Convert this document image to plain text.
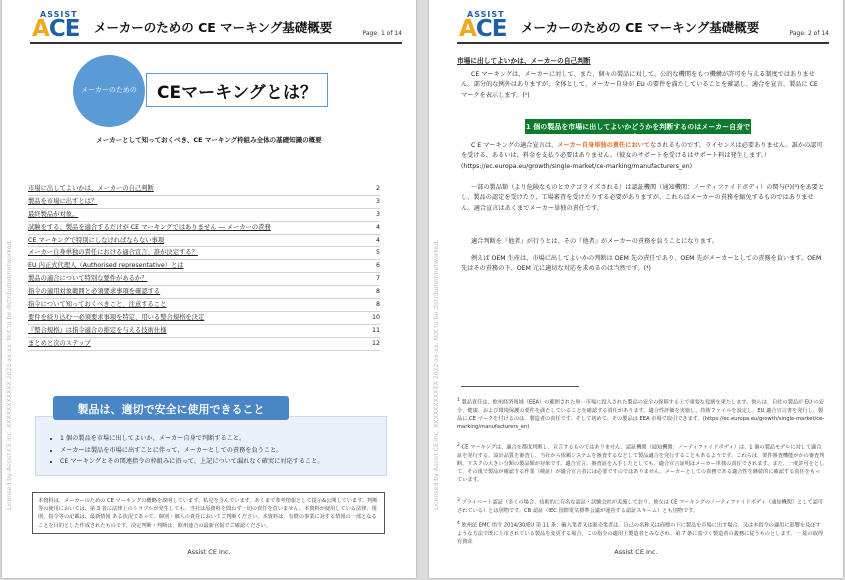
ASSIST
ACE メーカーのための CE マーキング基礎概要	Page: 1 of 14
Licensed by Assist CE Inc. XXXXXXXXXXX 2022-xx-xx. Not to be distributed/networked.
メーカーのための	CEマーキングとは？
メーカーとして知っておくべき、CE マーキング枠組み全体の基礎知識の概要
市場に出してよいかは、メーカーの自己判断	2
製品を市場に出すとは？	3
最終製品が対象。	3
試験をする、製品を適合するだけが CE マーキングではありません ― メーカーの責務	4
CE マーキングで特別にしなければならない事項	4
メーカー自身単独の責任における適合宣言、誰が決定する？	5
EU 内正式代理人（Authorised representative）とは	6
製品の適合について特別な要件があるか？	7
指令の適用対象範囲と必須要求事項を確認する	8
指令について知っておくべきこと、注意すること	8
要件を絞り込む一必須要求事項を特定、用いる整合規格を決定	10
『整合規格』は指令適合の推定を与える技術仕様	11
まとめと次のステップ	12
• 1 個の製品を市場に出してよいか、メーカー自身で判断すること。
• メーカーは製品を市場に出すことに伴って、メーカーとしての責務を負うこと。
• CE マーキングとその関連指令の枠組みに沿って、上記について漏れなく確実に対応すること。
製品は、適切で安全に使用できること
本資料は、メーカーのための CE マーキングの概略を説明しています。私見を含んでいます。あくまで参考情報として提示&公開しています。判断等の使用においては、第 3 者に法律上のトラブルが発生しても、当社は原資料を問わず一切の責任を負いません。本資料が使用している法律、規則、指令等の記載は、最新情報 ある状況であって、個別・個人の責任においてご判断ください。本資料は、有償の事業に対する情報の一部となることを目的とした作成されたものです。決定判断・判断は、欧州連合の最新官報でご確認ください。
Assist CE Inc.
ASSIST
ACE メーカーのための CE マーキング基礎概要	Page: 2 of 14
Licensed by Assist CE Inc. XXXXXXXXXXX 2022-xx-xx. Not to be distributed/networked.
市場に出してよいかは、メーカーの自己判断
CE マーキングは、メーカーに対して、また、個々の製品に対して、公的な機関をもつ機構が許可を与える制度ではありません。部分的な例外はありますが、全体として、メーカー自身が EU の要件を満たしていることを確認し、適合を宣言、製品に CE マークを表示します。(¹)
1 個の製品を市場に出してよいかどうかを判断するのはメーカー自身です。
C E マーキングの適合宣言は、メーカー自身単独の責任においてなされるものです。ライセンスは必要ありません。誰かの認可を受ける、あるいは、料金を支払う必要はありません。（彼女のサポートを受けるはサポート料は発生します。）(https://ec.europa.eu/growth/single-market/ce-marking/manufacturers_en)
一部の製品類（より危険なものとカテゴライズされる）は認証機関（通知機関：ノーティファイドボディ）の関与(²)(³)をあ要とし、製品の認定を受けたり、工場審査を受けたりする必要がありますが、これらはメーカーの責務を縮免するものではありません。適合宣言はあくまでメーカー単独の責任です。
適合判断を『他者』が行うとは、その『他者』がメーカーの責務を負うことになります。
例えば OEM 生産は、市場に出してよいかの判断は OEM 先の責任であり、OEM 先がメーカーとしての責務を負います。OEM 先はその責務の下、OEM 元に適切な対応を求めるのは当然です。(⁴)
$^1$ 製品責任は、欧州経済領域（EEA）の範囲された単一市場に投入された製品の安全の保障する上で重要な役割を果たします。彼らは、自社の製品が EU の安全、健康、および環境保護の要件を満たしていることを確認する責任があります。適合性評価を実施し、技術ファイルを設定し、EU 適合宣言書を発行し、製品に CE マークを付けるのは、製造者の責任です。そして初めて、その製品は EEA 市場で取引できます。(https://ec.europa.eu/growth/single-market/ce-marking/manufacturers_en)
$^2$ CE マーキングは、適合を都度判断し、宣言するものではありません。認証機関（通知機関：ノーティファイドボディ）は、1 個の製品モデルに対して適合証を発行する、設計品質を審査し、当社から依頼システムを審査するなどして製品適合を発行することもあるようです。これらは、要件審査機能がかの審査判断。リスクの大きい分類の製品類が対象です。適合宣言、審査証を入手したとしても、適合宣言証明はメーカー単独の責任でされます。また、一度許可をとして、その後で製品が確認する作業（検証）が適合宣言者には必要ですのではありません。メーカーとしての責務である適合性を継続的に確認する責任をもっています。
$^3$ プライベート認証（多くの場合、技術的に有名な認証・試験会社が実施しており、彼女は CE マーキングのノーティファイドボディ（通知機関）として認可されている）とは別物です。CB 認証（IEC 国際電気標準会議が運営する認証スキーム）とも別物です。
$^4$ 欧州法 EMC 指令 2014/30/EU 第 11 条：輸入業者又は販売業者は、自己の名称又は商標の下に製品を市場に出す場合、又は本指令の適用に影響を及ぼすような方法で既に上市されている製品を変更する場合、この指令の適用上製造者とみなされ、第 7 条に基づく製造者の義務に従うものとします。一 総の取得有資産
Assist CE Inc.
